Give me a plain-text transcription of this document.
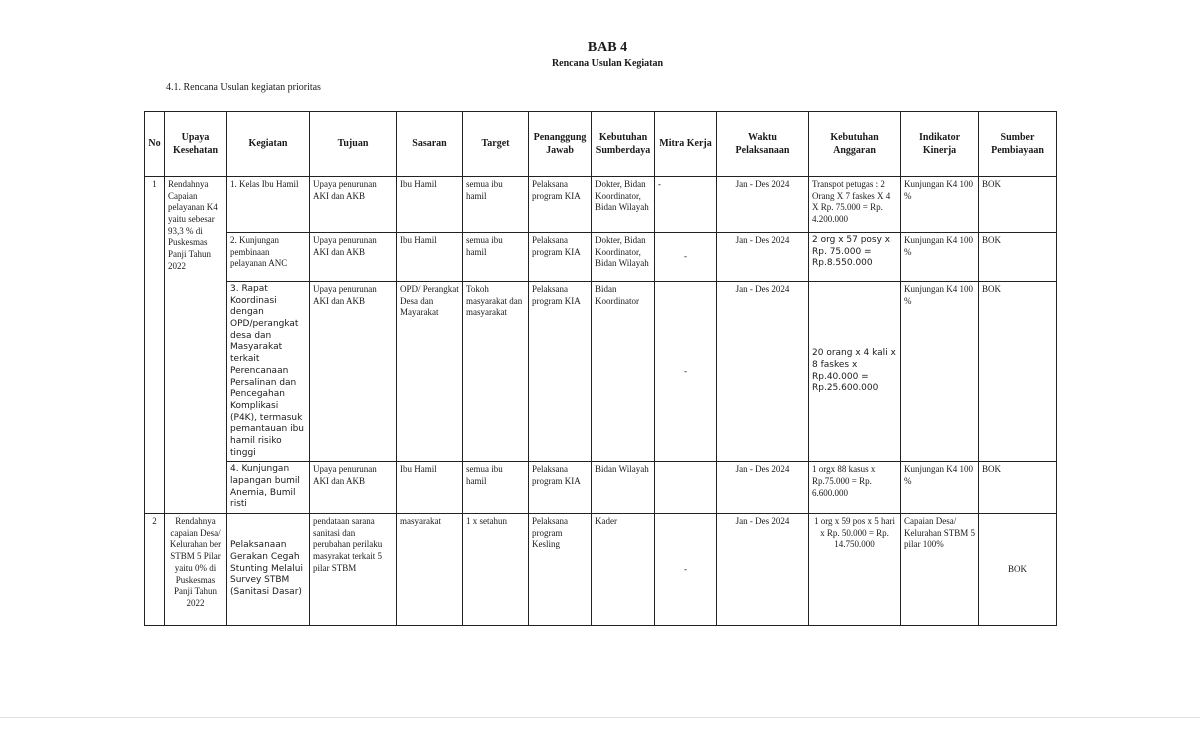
BAB 4
Rencana Usulan Kegiatan
4.1. Rencana Usulan kegiatan prioritas
No	Upaya Kesehatan	Kegiatan	Tujuan	Sasaran	Target	Penanggung Jawab	Kebutuhan Sumberdaya	Mitra Kerja	Waktu Pelaksanaan	Kebutuhan Anggaran	Indikator Kinerja	Sumber Pembiayaan
1	Rendahnya Capaian pelayanan K4 yaitu sebesar 93,3 % di Puskesmas Panji Tahun 2022	1. Kelas Ibu Hamil	Upaya penurunan AKI dan AKB	Ibu Hamil	semua ibu hamil	Pelaksana program KIA	Dokter, Bidan Koordinator, Bidan Wilayah	-	Jan - Des 2024	Transpot petugas : 2 Orang X 7 faskes X 4 X Rp. 75.000 = Rp. 4.200.000	Kunjungan K4 100 %	BOK
		2. Kunjungan pembinaan pelayanan ANC	Upaya penurunan AKI dan AKB	Ibu Hamil	semua ibu hamil	Pelaksana program KIA	Dokter, Bidan Koordinator, Bidan Wilayah	-	Jan - Des 2024	2 org x 57 posy x Rp. 75.000 = Rp.8.550.000	Kunjungan K4 100 %	BOK
		3. Rapat Koordinasi dengan OPD/perangkat desa dan Masyarakat terkait Perencanaan Persalinan dan Pencegahan Komplikasi (P4K), termasuk pemantauan ibu hamil risiko tinggi	Upaya penurunan AKI dan AKB	OPD/ Perangkat Desa dan Mayarakat	Tokoh masyarakat dan masyarakat	Pelaksana program KIA	Bidan Koordinator	-	Jan - Des 2024	20 orang x 4 kali x 8 faskes x Rp.40.000 = Rp.25.600.000	Kunjungan K4 100 %	BOK
		4. Kunjungan lapangan bumil Anemia, Bumil risti	Upaya penurunan AKI dan AKB	Ibu Hamil	semua ibu hamil	Pelaksana program KIA	Bidan Wilayah		Jan - Des 2024	1 orgx 88 kasus x Rp.75.000 = Rp. 6.600.000	Kunjungan K4 100 %	BOK
2	Rendahnya capaian Desa/ Kelurahan ber STBM 5 Pilar yaitu 0% di Puskesmas Panji Tahun 2022	Pelaksanaan Gerakan Cegah Stunting Melalui Survey STBM (Sanitasi Dasar)	pendataan sarana sanitasi dan perubahan perilaku masyrakat terkait 5 pilar STBM	masyarakat	1 x setahun	Pelaksana program Kesling	Kader	-	Jan - Des 2024	1 org x 59 pos x 5 hari x Rp. 50.000 = Rp. 14.750.000	Capaian Desa/ Kelurahan STBM 5 pilar 100%	BOK
